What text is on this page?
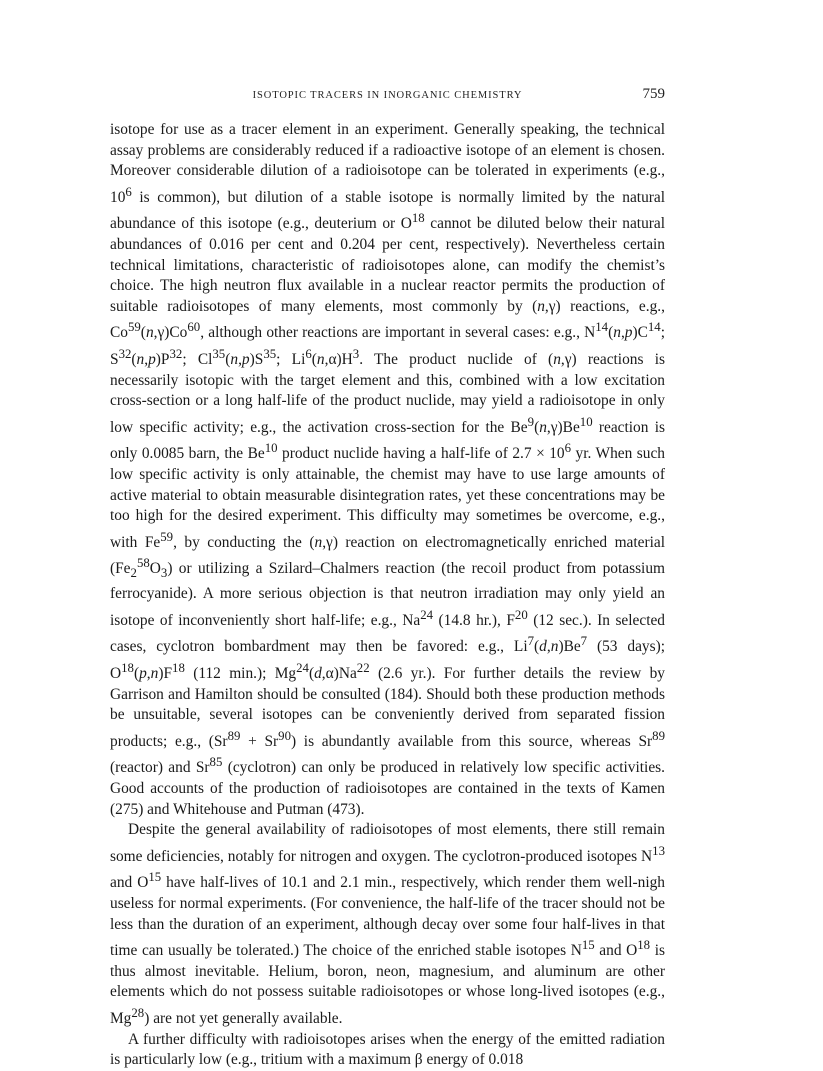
ISOTOPIC TRACERS IN INORGANIC CHEMISTRY	759

isotope for use as a tracer element in an experiment. Generally speaking, the technical assay problems are considerably reduced if a radioactive isotope of an element is chosen. Moreover considerable dilution of a radioisotope can be tolerated in experiments (e.g., $10^6$ is common), but dilution of a stable isotope is normally limited by the natural abundance of this isotope (e.g., deuterium or $O^{18}$ cannot be diluted below their natural abundances of 0.016 per cent and 0.204 per cent, respectively). Nevertheless certain technical limitations, characteristic of radioisotopes alone, can modify the chemist’s choice. The high neutron flux available in a nuclear reactor permits the production of suitable radioisotopes of many elements, most commonly by (n,γ) reactions, e.g., Co$^{59}$(n,γ)Co$^{60}$, although other reactions are important in several cases: e.g., $N^{14}(n,p)C^{14}$; $S^{32}(n,p)P^{32}$; $Cl^{35}(n,p)S^{35}$; $Li^6(n,\alpha)H^3$. The product nuclide of (n,γ) reactions is necessarily isotopic with the target element and this, combined with a low excitation cross-section or a long half-life of the product nuclide, may yield a radioisotope in only low specific activity; e.g., the activation cross-section for the Be$^9$(n,γ)Be$^{10}$ reaction is only 0.0085 barn, the Be$^{10}$ product nuclide having a half-life of $2.7 \times 10^6$ yr. When such low specific activity is only attainable, the chemist may have to use large amounts of active material to obtain measurable disintegration rates, yet these concentrations may be too high for the desired experiment. This difficulty may sometimes be overcome, e.g., with Fe$^{59}$, by conducting the (n,γ) reaction on electromagnetically enriched material $(Fe_2^{58}O_3)$ or utilizing a Szilard–Chalmers reaction (the recoil product from potassium ferrocyanide). A more serious objection is that neutron irradiation may only yield an isotope of inconveniently short half-life; e.g., Na$^{24}$ (14.8 hr.), $F^{20}$ (12 sec.). In selected cases, cyclotron bombardment may then be favored: e.g., Li$^7$(d,n)Be$^7$ (53 days); $O^{18}(p,n)F^{18}$ (112 min.); Mg$^{24}$(d,α)Na$^{22}$ (2.6 yr.). For further details the review by Garrison and Hamilton should be consulted (184). Should both these production methods be unsuitable, several isotopes can be conveniently derived from separated fission products; e.g., $(Sr^{89} + Sr^{90})$ is abundantly available from this source, whereas Sr$^{89}$ (reactor) and Sr$^{85}$ (cyclotron) can only be produced in relatively low specific activities. Good accounts of the production of radioisotopes are contained in the texts of Kamen (275) and Whitehouse and Putman (473).

Despite the general availability of radioisotopes of most elements, there still remain some deficiencies, notably for nitrogen and oxygen. The cyclotron-produced isotopes $N^{13}$ and $O^{15}$ have half-lives of 10.1 and 2.1 min., respectively, which render them well-nigh useless for normal experiments. (For convenience, the half-life of the tracer should not be less than the duration of an experiment, although decay over some four half-lives in that time can usually be tolerated.) The choice of the enriched stable isotopes $N^{15}$ and $O^{18}$ is thus almost inevitable. Helium, boron, neon, magnesium, and aluminum are other elements which do not possess suitable radioisotopes or whose long-lived isotopes (e.g., Mg$^{28}$) are not yet generally available.

A further difficulty with radioisotopes arises when the energy of the emitted radiation is particularly low (e.g., tritium with a maximum β energy of 0.018
